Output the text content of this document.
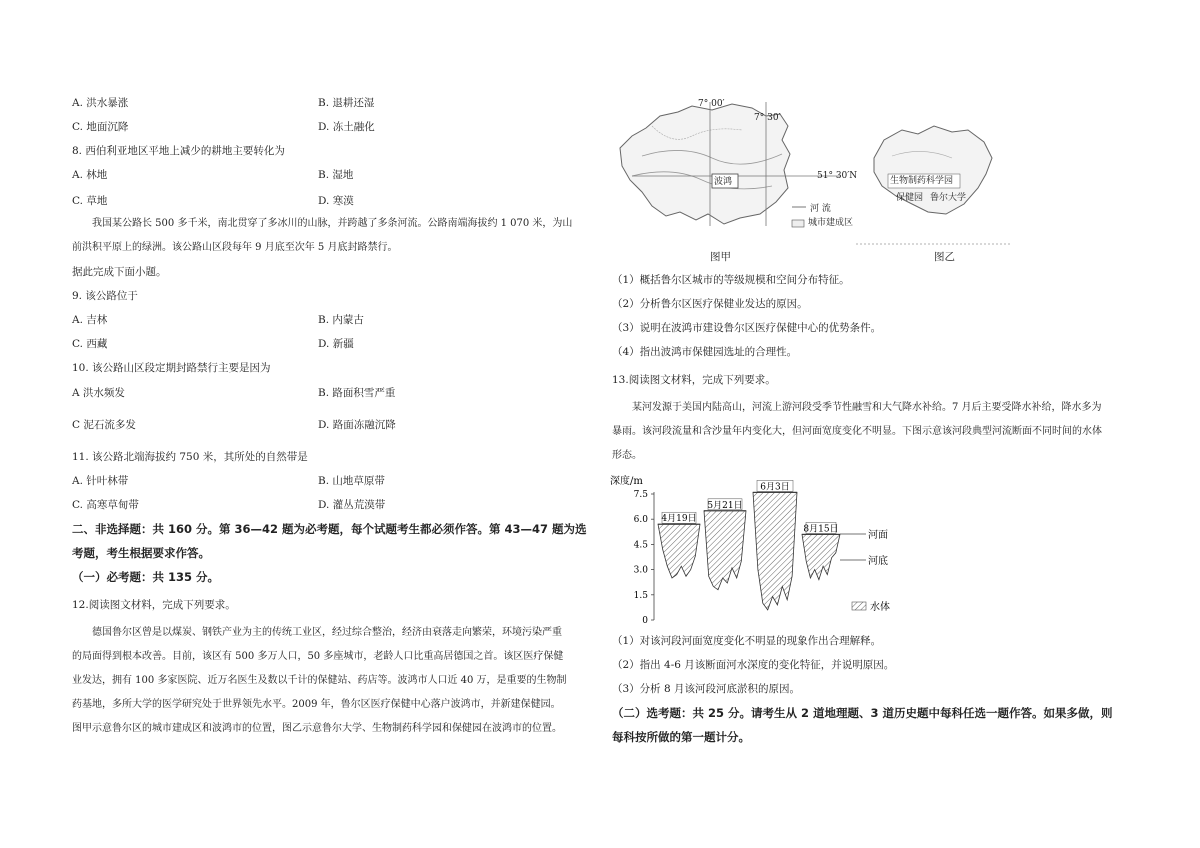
A. 洪水暴涨	B. 退耕还湿
C. 地面沉降	D. 冻土融化
8. 西伯利亚地区平地上减少的耕地主要转化为
A. 林地	B. 湿地
C. 草地	D. 寒漠
我国某公路长 500 多千米，南北贯穿了多冰川的山脉，并跨越了多条河流。公路南端海拔约 1 070 米，为山
前洪积平原上的绿洲。该公路山区段每年 9 月底至次年 5 月底封路禁行。
据此完成下面小题。
9. 该公路位于
A. 吉林	B. 内蒙古
C. 西藏	D. 新疆
10. 该公路山区段定期封路禁行主要是因为
A 洪水频发	B. 路面积雪严重
C 泥石流多发	D. 路面冻融沉降
11. 该公路北端海拔约 750 米，其所处的自然带是
A. 针叶林带	B. 山地草原带
C. 高寒草甸带	D. 灌丛荒漠带
二、非选择题：共 160 分。第 36—42 题为必考题，每个试题考生都必须作答。第 43—47 题为选
考题，考生根据要求作答。
（一）必考题：共 135 分。
12.阅读图文材料，完成下列要求。
德国鲁尔区曾是以煤炭、钢铁产业为主的传统工业区，经过综合整治，经济由衰落走向繁荣，环境污染严重
的局面得到根本改善。目前，该区有 500 多万人口，50 多座城市，老龄人口比重高居德国之首。该区医疗保健
业发达，拥有 100 多家医院、近万名医生及数以千计的保健站、药店等。波鸿市人口近 40 万，是重要的生物制
药基地，多所大学的医学研究处于世界领先水平。2009 年，鲁尔区医疗保健中心落户波鸿市，并新建保健园。
图甲示意鲁尔区的城市建成区和波鸿市的位置，图乙示意鲁尔大学、生物制药科学园和保健园在波鸿市的位置。
7° 00′
7° 30′
51° 30′N
波鸿
河 流
城市建成区
生物制药科学园
保健园 鲁尔大学
图甲	图乙
（1）概括鲁尔区城市的等级规模和空间分布特征。
（2）分析鲁尔区医疗保健业发达的原因。
（3）说明在波鸿市建设鲁尔区医疗保健中心的优势条件。
（4）指出波鸿市保健园选址的合理性。
13.阅读图文材料，完成下列要求。
某河发源于美国内陆高山，河流上游河段受季节性融雪和大气降水补给。7 月后主要受降水补给，降水多为
暴雨。该河段流量和含沙量年内变化大，但河面宽度变化不明显。下图示意该河段典型河流断面不同时间的水体
形态。
（1）对该河段河面宽度变化不明显的现象作出合理解释。
（2）指出 4-6 月该断面河水深度的变化特征，并说明原因。
（3）分析 8 月该河段河底淤积的原因。
（二）选考题：共 25 分。请考生从 2 道地理题、3 道历史题中每科任选一题作答。如果多做，则
每科按所做的第一题计分。
深度/m
7.5
6.0
4.5
3.0
1.5
0
4月19日
5月21日
6月3日
8月15日
河面
河底
水体
